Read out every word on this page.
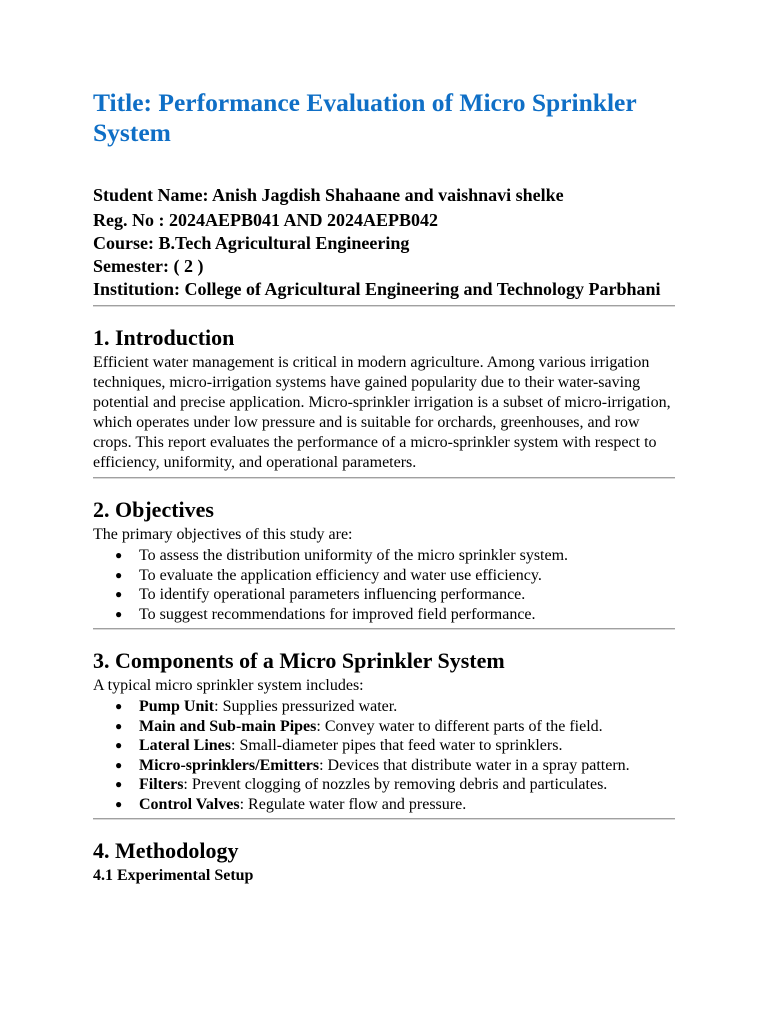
Title: Performance Evaluation of Micro Sprinkler System

Student Name: Anish Jagdish Shahaane and vaishnavi shelke

Reg. No : 2024AEPB041 AND 2024AEPB042

Course: B.Tech Agricultural Engineering

Semester: ( 2 )

Institution: College of Agricultural Engineering and Technology Parbhani

1. Introduction

Efficient water management is critical in modern agriculture. Among various irrigation techniques, micro-irrigation systems have gained popularity due to their water-saving potential and precise application. Micro-sprinkler irrigation is a subset of micro-irrigation, which operates under low pressure and is suitable for orchards, greenhouses, and row crops. This report evaluates the performance of a micro-sprinkler system with respect to efficiency, uniformity, and operational parameters.

2. Objectives

The primary objectives of this study are:

● To assess the distribution uniformity of the micro sprinkler system.
● To evaluate the application efficiency and water use efficiency.
● To identify operational parameters influencing performance.
● To suggest recommendations for improved field performance.
3. Components of a Micro Sprinkler System

A typical micro sprinkler system includes:

● Pump Unit: Supplies pressurized water.
● Main and Sub-main Pipes: Convey water to different parts of the field.
● Lateral Lines: Small-diameter pipes that feed water to sprinklers.
● Micro-sprinklers/Emitters: Devices that distribute water in a spray pattern.
● Filters: Prevent clogging of nozzles by removing debris and particulates.
● Control Valves: Regulate water flow and pressure.
4. Methodology
4.1 Experimental Setup
